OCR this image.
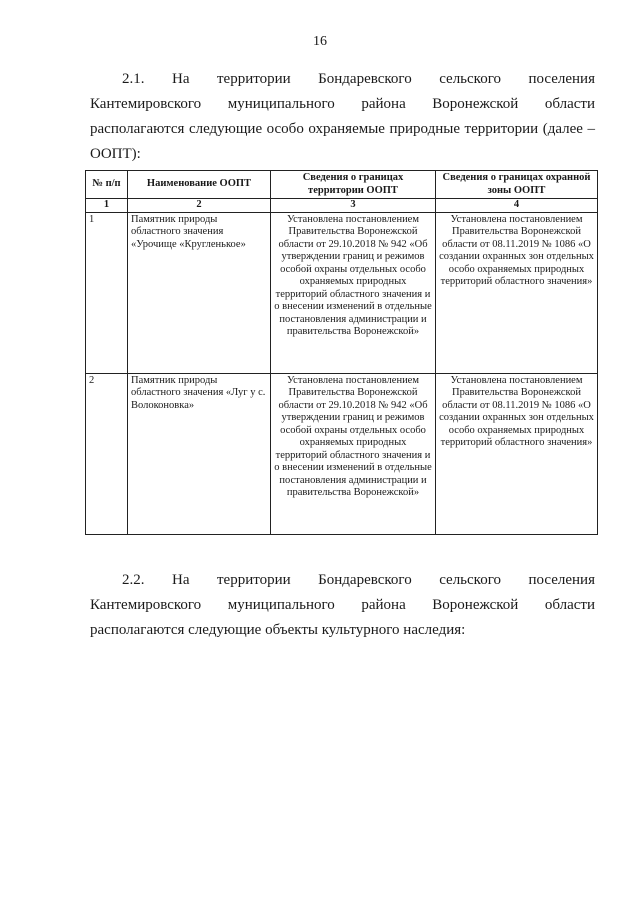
16
2.1. На территории Бондаревского сельского поселения
Кантемировского муниципального района Воронежской области
располагаются следующие особо охраняемые природные территории (далее –
ООПТ):
№ п/п	Наименование ООПТ	Сведения о границах территории ООПТ	Сведения о границах охранной зоны ООПТ
1	2	3	4
1	Памятник природы областного значения «Урочище «Кругленькое»	Установлена постановлением Правительства Воронежской области от 29.10.2018 № 942 «Об утверждении границ и режимов особой охраны отдельных особо охраняемых природных территорий областного значения и о внесении изменений в отдельные постановления администрации и правительства Воронежской»	Установлена постановлением Правительства Воронежской области от 08.11.2019 № 1086 «О создании охранных зон отдельных особо охраняемых природных территорий областного значения»
2	Памятник природы областного значения «Луг у с. Волоконовка»	Установлена постановлением Правительства Воронежской области от 29.10.2018 № 942 «Об утверждении границ и режимов особой охраны отдельных особо охраняемых природных территорий областного значения и о внесении изменений в отдельные постановления администрации и правительства Воронежской»	Установлена постановлением Правительства Воронежской области от 08.11.2019 № 1086 «О создании охранных зон отдельных особо охраняемых природных территорий областного значения»
2.2. На территории Бондаревского сельского поселения
Кантемировского муниципального района Воронежской области
располагаются следующие объекты культурного наследия:
